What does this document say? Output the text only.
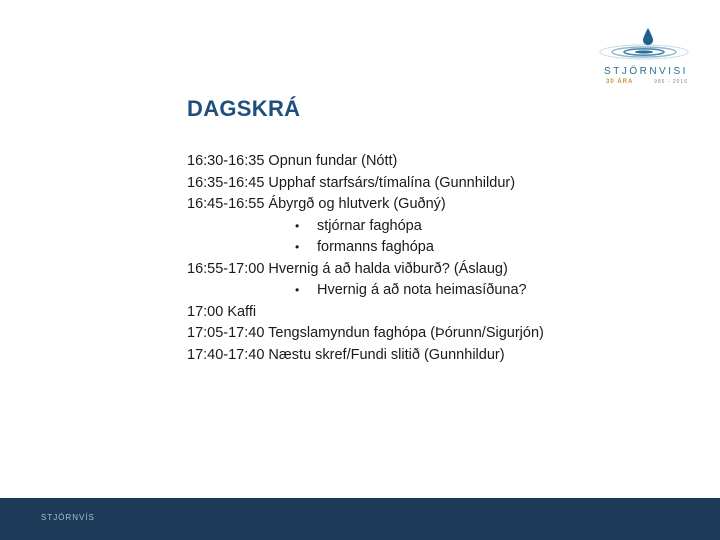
STJÖRNVISI
30 ÁRA	986 - 2016
DAGSKRÁ
16:30-16:35 Opnun fundar (Nótt)
16:35-16:45 Upphaf starfsárs/tímalína (Gunnhildur)
16:45-16:55 Ábyrgð og hlutverk (Guðný)
• stjórnar faghópa
• formanns faghópa
16:55-17:00 Hvernig á að halda viðburð? (Áslaug)
• Hvernig á að nota heimasíðuna?
17:00 Kaffi
17:05-17:40 Tengslamyndun faghópa (Þórunn/Sigurjón)
17:40-17:40 Næstu skref/Fundi slitið (Gunnhildur)
STJÓRNVÍS
